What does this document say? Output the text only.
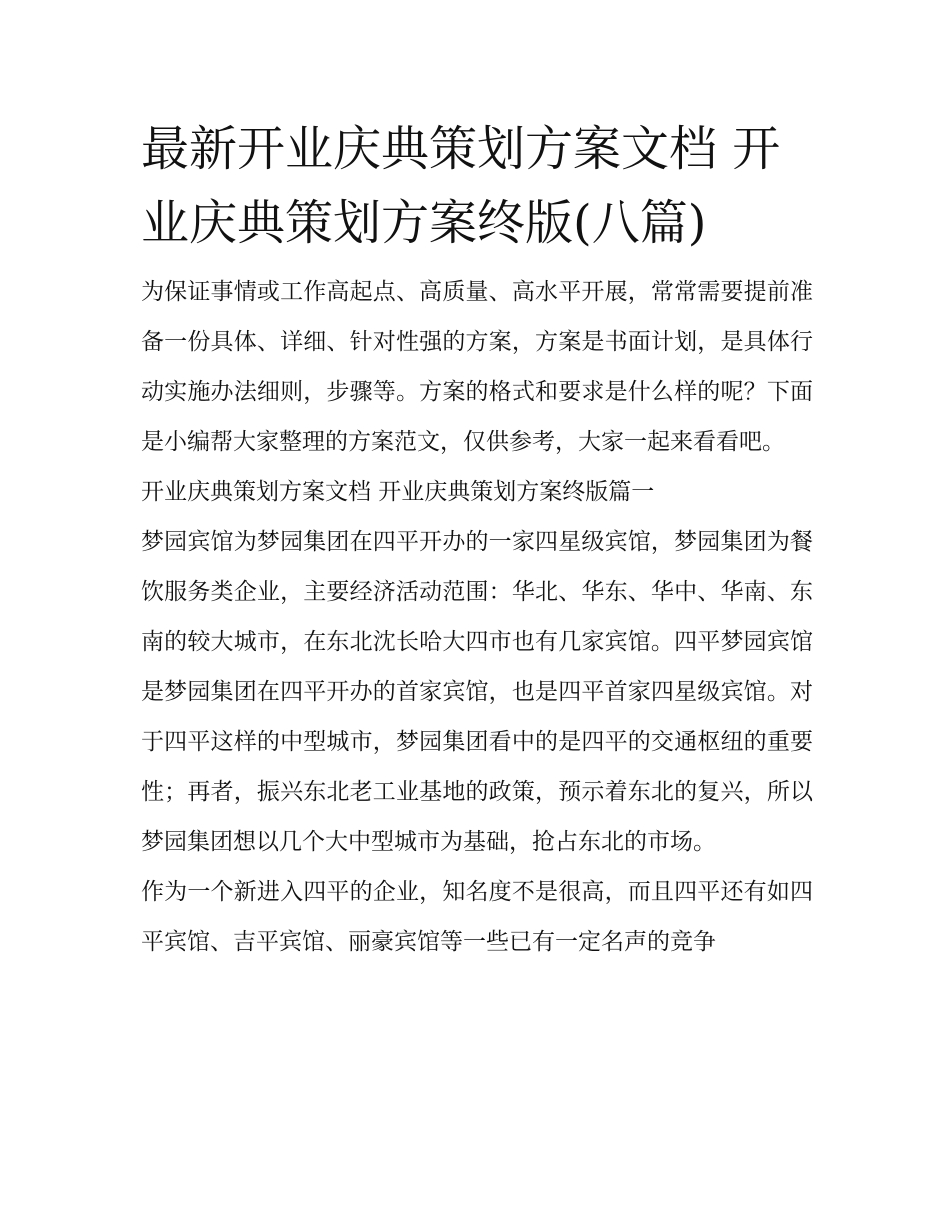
最新开业庆典策划方案文档 开业庆典策划方案终版(八篇)

为保证事情或工作高起点、高质量、高水平开展，常常需要提前准备一份具体、详细、针对性强的方案，方案是书面计划，是具体行动实施办法细则，步骤等。方案的格式和要求是什么样的呢？下面是小编帮大家整理的方案范文，仅供参考，大家一起来看看吧。

开业庆典策划方案文档 开业庆典策划方案终版篇一

梦园宾馆为梦园集团在四平开办的一家四星级宾馆，梦园集团为餐饮服务类企业，主要经济活动范围：华北、华东、华中、华南、东南的较大城市，在东北沈长哈大四市也有几家宾馆。四平梦园宾馆是梦园集团在四平开办的首家宾馆，也是四平首家四星级宾馆。对于四平这样的中型城市，梦园集团看中的是四平的交通枢纽的重要性；再者，振兴东北老工业基地的政策，预示着东北的复兴，所以梦园集团想以几个大中型城市为基础，抢占东北的市场。

作为一个新进入四平的企业，知名度不是很高，而且四平还有如四平宾馆、吉平宾馆、丽豪宾馆等一些已有一定名声的竞争
